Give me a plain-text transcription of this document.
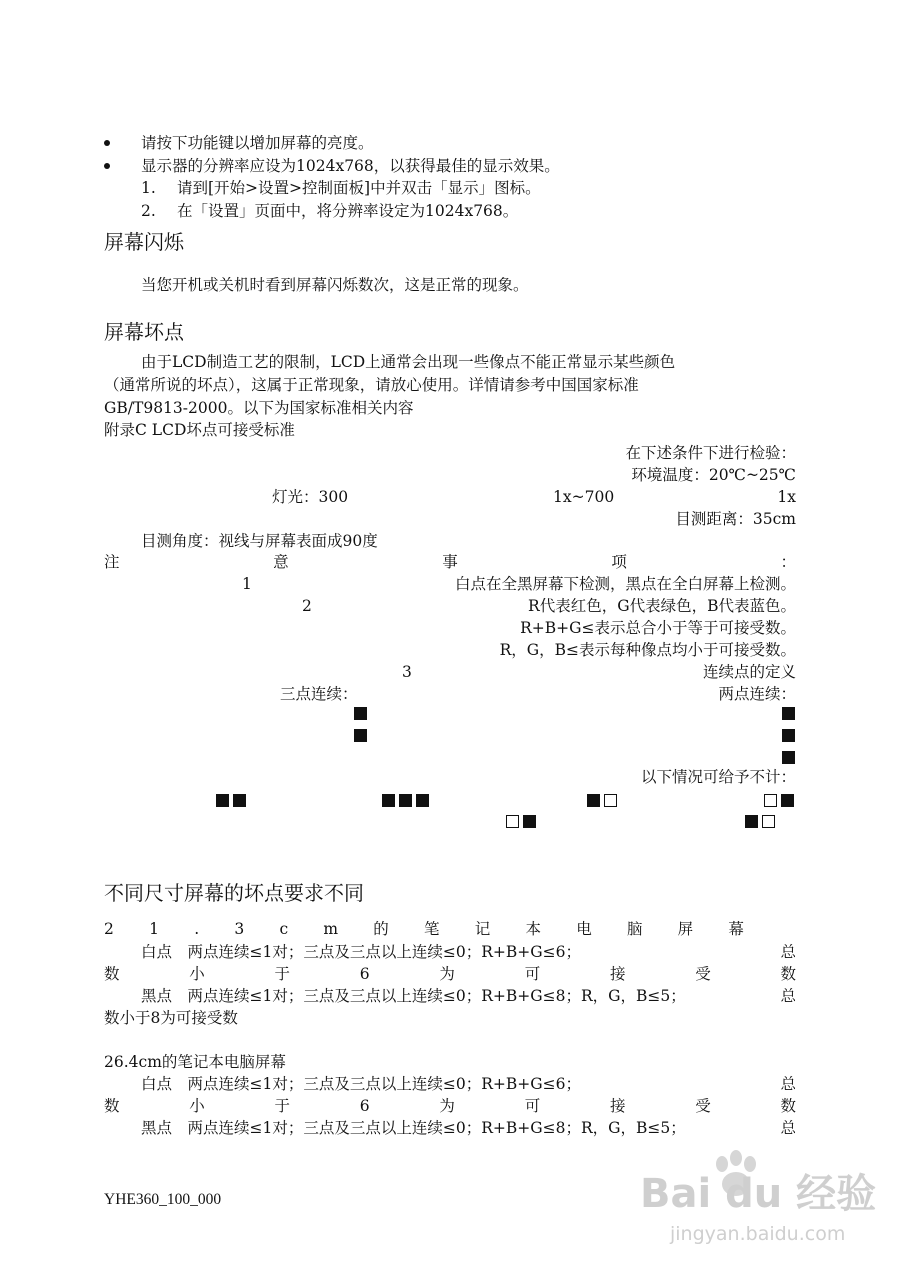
请按下功能键以增加屏幕的亮度。
显示器的分辨率应设为1024x768，以获得最佳的显示效果。
1. 请到[开始>设置>控制面板]中并双击「显示」图标。
2. 在「设置」页面中，将分辨率设定为1024x768。
屏幕闪烁
当您开机或关机时看到屏幕闪烁数次，这是正常的现象。
屏幕坏点
由于LCD制造工艺的限制，LCD上通常会出现一些像点不能正常显示某些颜色
（通常所说的坏点），这属于正常现象，请放心使用。详情请参考中国国家标准
GB/T9813-2000。以下为国家标准相关内容
附录C LCD坏点可接受标准
在下述条件下进行检验：
环境温度：20℃~25℃
灯光：300	1x~700	1x
目测距离：35cm
目测角度：视线与屏幕表面成90度
注	意	事	项	：
1	白点在全黑屏幕下检测，黑点在全白屏幕上检测。
2	R代表红色，G代表绿色，B代表蓝色。
R+B+G≤表示总合小于等于可接受数。
R，G，B≤表示每种像点均小于可接受数。
3	连续点的定义
三点连续：	两点连续：
以下情况可给予不计：
不同尺寸屏幕的坏点要求不同
2 1 . 3 c m 的 笔 记 本 电 脑 屏 幕
白点　两点连续≤1对；三点及三点以上连续≤0；R+B+G≤6；	总
数	小	于	6	为	可	接	受	数
黑点　两点连续≤1对；三点及三点以上连续≤0；R+B+G≤8；R，G，B≤5；	总
数小于8为可接受数
26.4cm的笔记本电脑屏幕
白点　两点连续≤1对；三点及三点以上连续≤0；R+B+G≤6；	总
数	小	于	6	为	可	接	受	数
黑点　两点连续≤1对；三点及三点以上连续≤0；R+B+G≤8；R，G，B≤5；	总
YHE360_100_000	Bai du 经验
jingyan.baidu.com
